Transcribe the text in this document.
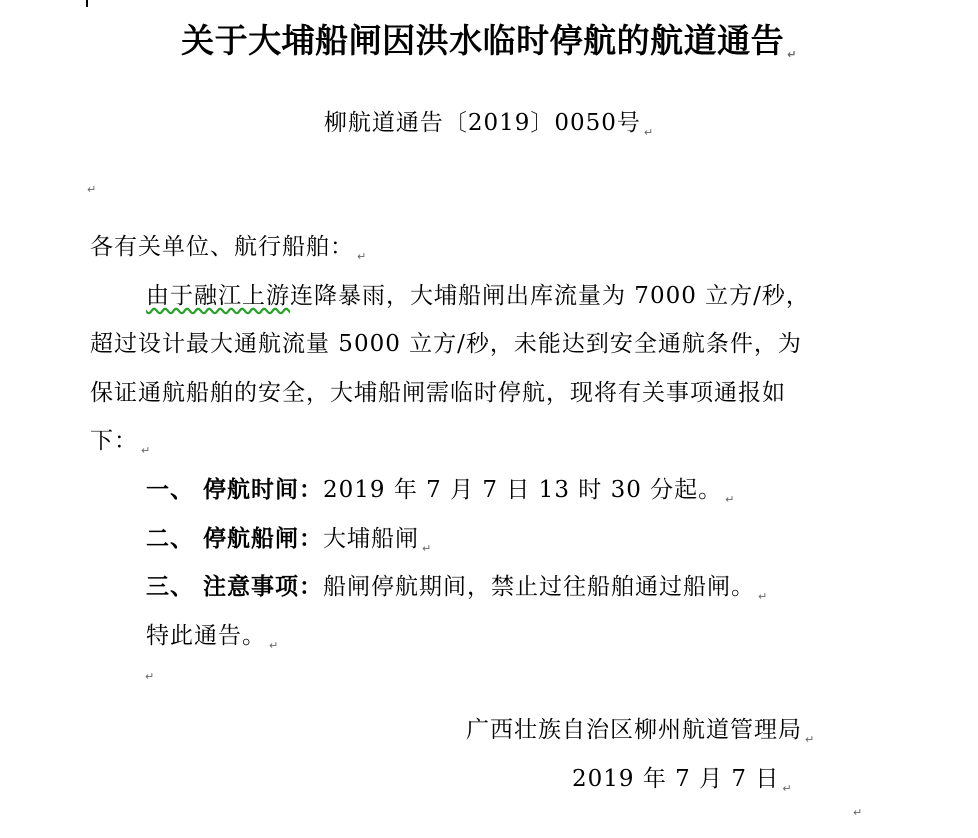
关于大埔船闸因洪水临时停航的航道通告 ↵
柳航道通告〔2019〕0050号 ↵
↵
各有关单位、航行船舶： ↵
由于融江上游连降暴雨，大埔船闸出库流量为 7000 立方/秒，
超过设计最大通航流量 5000 立方/秒，未能达到安全通航条件，为
保证通航船舶的安全，大埔船闸需临时停航，现将有关事项通报如
下： ↵
一、 停航时间：2019 年 7 月 7 日 13 时 30 分起。 ↵
二、 停航船闸：大埔船闸 ↵
三、 注意事项：船闸停航期间，禁止过往船舶通过船闸。 ↵
特此通告。 ↵
↵
广西壮族自治区柳州航道管理局 ↵
2019 年 7 月 7 日 ↵
↵
